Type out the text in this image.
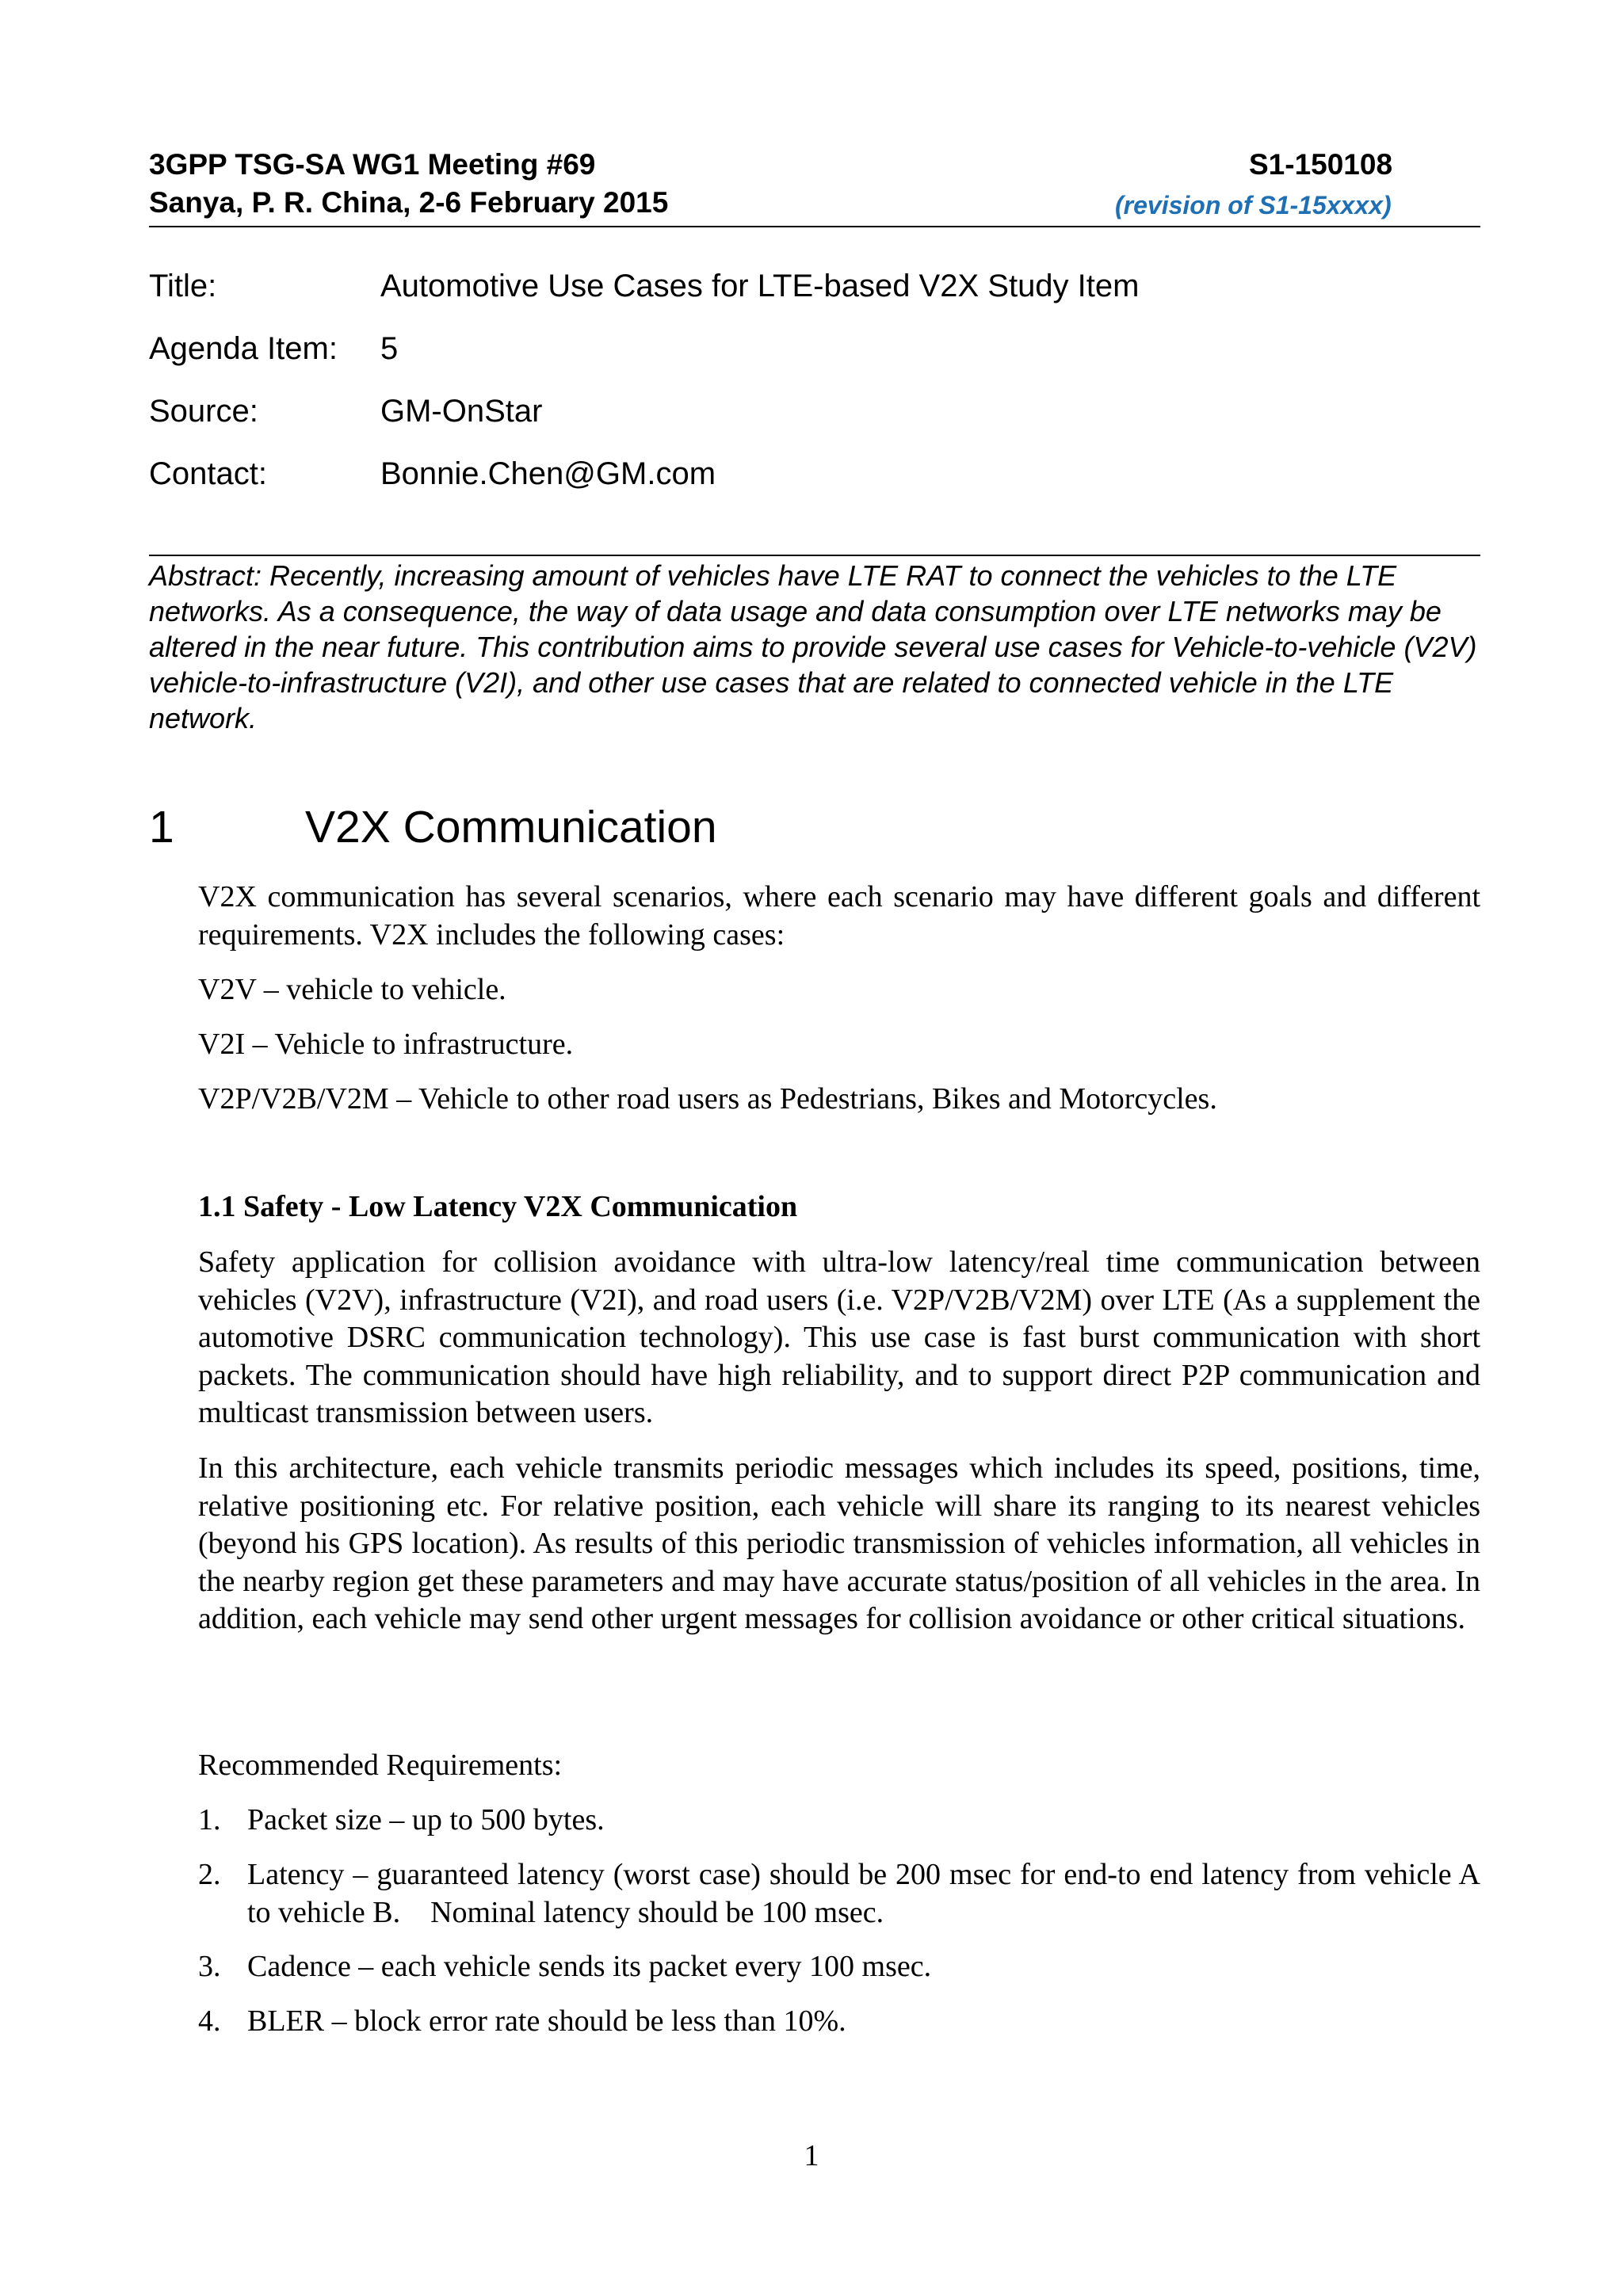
3GPP TSG-SA WG1 Meeting #69
Sanya, P. R. China, 2-6 February 2015
S1-150108
(revision of S1-15xxxx)
Title:	Automotive Use Cases for LTE-based V2X Study Item
Agenda Item: 5
Source:	GM-OnStar
Contact:	Bonnie.Chen@GM.com

Abstract: Recently, increasing amount of vehicles have LTE RAT to connect the vehicles to the LTE networks. As a consequence, the way of data usage and data consumption over LTE networks may be altered in the near future. This contribution aims to provide several use cases for Vehicle-to-vehicle (V2V) vehicle-to-infrastructure (V2I), and other use cases that are related to connected vehicle in the LTE network.

1	V2X Communication

V2X communication has several scenarios, where each scenario may have different goals and different requirements. V2X includes the following cases:

V2V – vehicle to vehicle.

V2I – Vehicle to infrastructure.

V2P/V2B/V2M – Vehicle to other road users as Pedestrians, Bikes and Motorcycles.

1.1 Safety - Low Latency V2X Communication

Safety application for collision avoidance with ultra-low latency/real time communication between vehicles (V2V), infrastructure (V2I), and road users (i.e. V2P/V2B/V2M) over LTE (As a supplement the automotive DSRC communication technology). This use case is fast burst communication with short packets. The communication should have high reliability, and to support direct P2P communication and multicast transmission between users.

In this architecture, each vehicle transmits periodic messages which includes its speed, positions, time, relative positioning etc. For relative position, each vehicle will share its ranging to its nearest vehicles (beyond his GPS location). As results of this periodic transmission of vehicles information, all vehicles in the nearby region get these parameters and may have accurate status/position of all vehicles in the area. In addition, each vehicle may send other urgent messages for collision avoidance or other critical situations.

Recommended Requirements:

1. Packet size – up to 500 bytes.
2. Latency – guaranteed latency (worst case) should be 200 msec for end-to end latency from vehicle A to vehicle B.    Nominal latency should be 100 msec.
3. Cadence – each vehicle sends its packet every 100 msec.
4. BLER – block error rate should be less than 10%.
1
